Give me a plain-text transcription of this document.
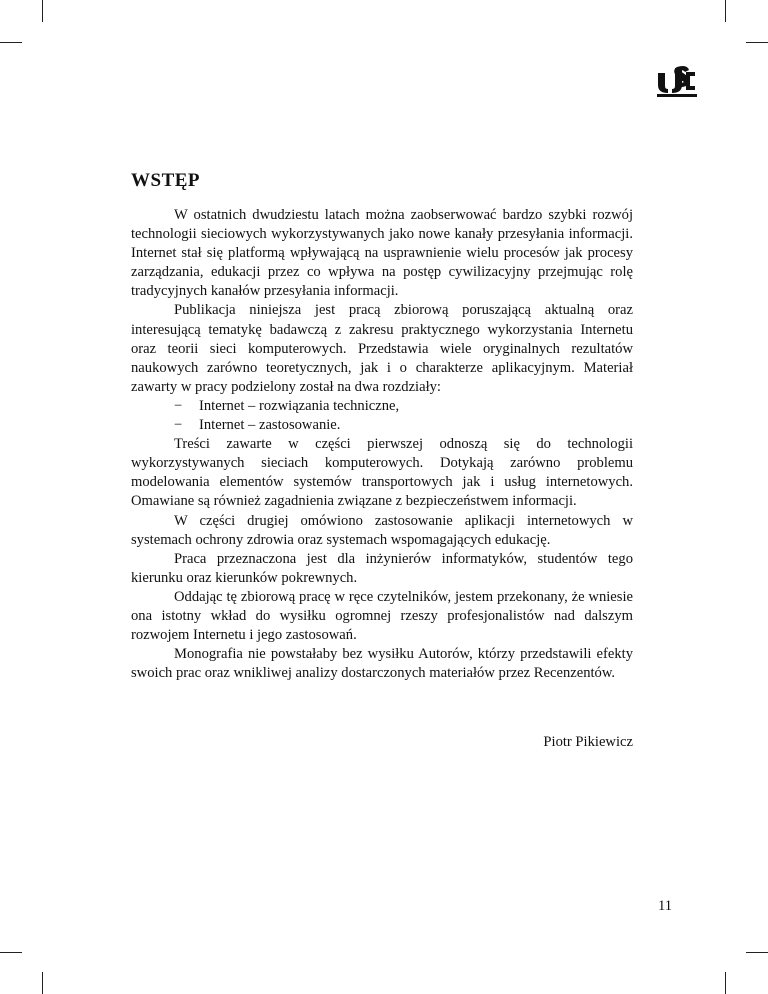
WSTĘP

W ostatnich dwudziestu latach można zaobserwować bardzo szybki rozwój technologii sieciowych wykorzystywanych jako nowe kanały przesyłania informacji. Internet stał się platformą wpływającą na usprawnienie wielu procesów jak procesy zarządzania, edukacji przez co wpływa na postęp cywilizacyjny przejmując rolę tradycyjnych kanałów przesyłania informacji.

Publikacja niniejsza jest pracą zbiorową poruszającą aktualną oraz interesującą tematykę badawczą z zakresu praktycznego wykorzystania Internetu oraz teorii sieci komputerowych. Przedstawia wiele oryginalnych rezultatów naukowych zarówno teoretycznych, jak i o charakterze aplikacyjnym. Materiał zawarty w pracy podzielony został na dwa rozdziały:

− Internet – rozwiązania techniczne,
− Internet – zastosowanie.

Treści zawarte w części pierwszej odnoszą się do technologii wykorzystywanych sieciach komputerowych. Dotykają zarówno problemu modelowania elementów systemów transportowych jak i usług internetowych. Omawiane są również zagadnienia związane z bezpieczeństwem informacji.

W części drugiej omówiono zastosowanie aplikacji internetowych w systemach ochrony zdrowia oraz systemach wspomagających edukację.

Praca przeznaczona jest dla inżynierów informatyków, studentów tego kierunku oraz kierunków pokrewnych.

Oddając tę zbiorową pracę w ręce czytelników, jestem przekonany, że wniesie ona istotny wkład do wysiłku ogromnej rzeszy profesjonalistów nad dalszym rozwojem Internetu i jego zastosowań.

Monografia nie powstałaby bez wysiłku Autorów, którzy przedstawili efekty swoich prac oraz wnikliwej analizy dostarczonych materiałów przez Recenzentów.

Piotr Pikiewicz
11
